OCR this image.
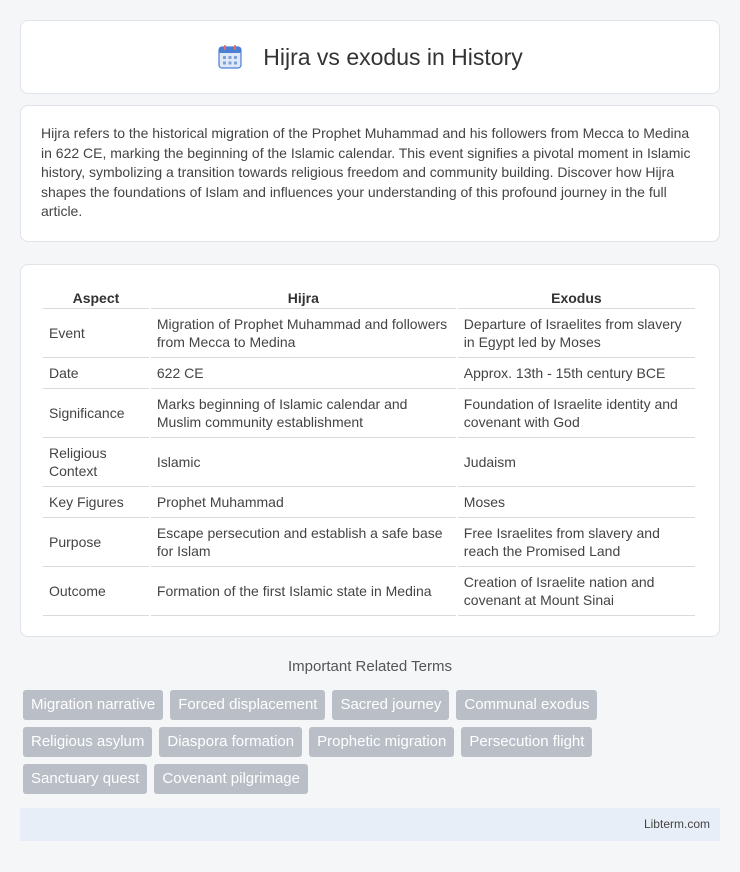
Hijra vs exodus in History

Hijra refers to the historical migration of the Prophet Muhammad and his followers from Mecca to Medina in 622 CE, marking the beginning of the Islamic calendar. This event signifies a pivotal moment in Islamic history, symbolizing a transition towards religious freedom and community building. Discover how Hijra shapes the foundations of Islam and influences your understanding of this profound journey in the full article.

Aspect	Hijra	Exodus
Event	Migration of Prophet Muhammad and followers from Mecca to Medina	Departure of Israelites from slavery in Egypt led by Moses
Date	622 CE	Approx. 13th - 15th century BCE
Significance	Marks beginning of Islamic calendar and Muslim community establishment	Foundation of Israelite identity and covenant with God
Religious Context	Islamic	Judaism
Key Figures	Prophet Muhammad	Moses
Purpose	Escape persecution and establish a safe base for Islam	Free Israelites from slavery and reach the Promised Land
Outcome	Formation of the first Islamic state in Medina	Creation of Israelite nation and covenant at Mount Sinai
Important Related Terms
Migration narrative	Forced displacement	Sacred journey	Communal exodus
Religious asylum	Diaspora formation	Prophetic migration	Persecution flight
Sanctuary quest	Covenant pilgrimage
Libterm.com
